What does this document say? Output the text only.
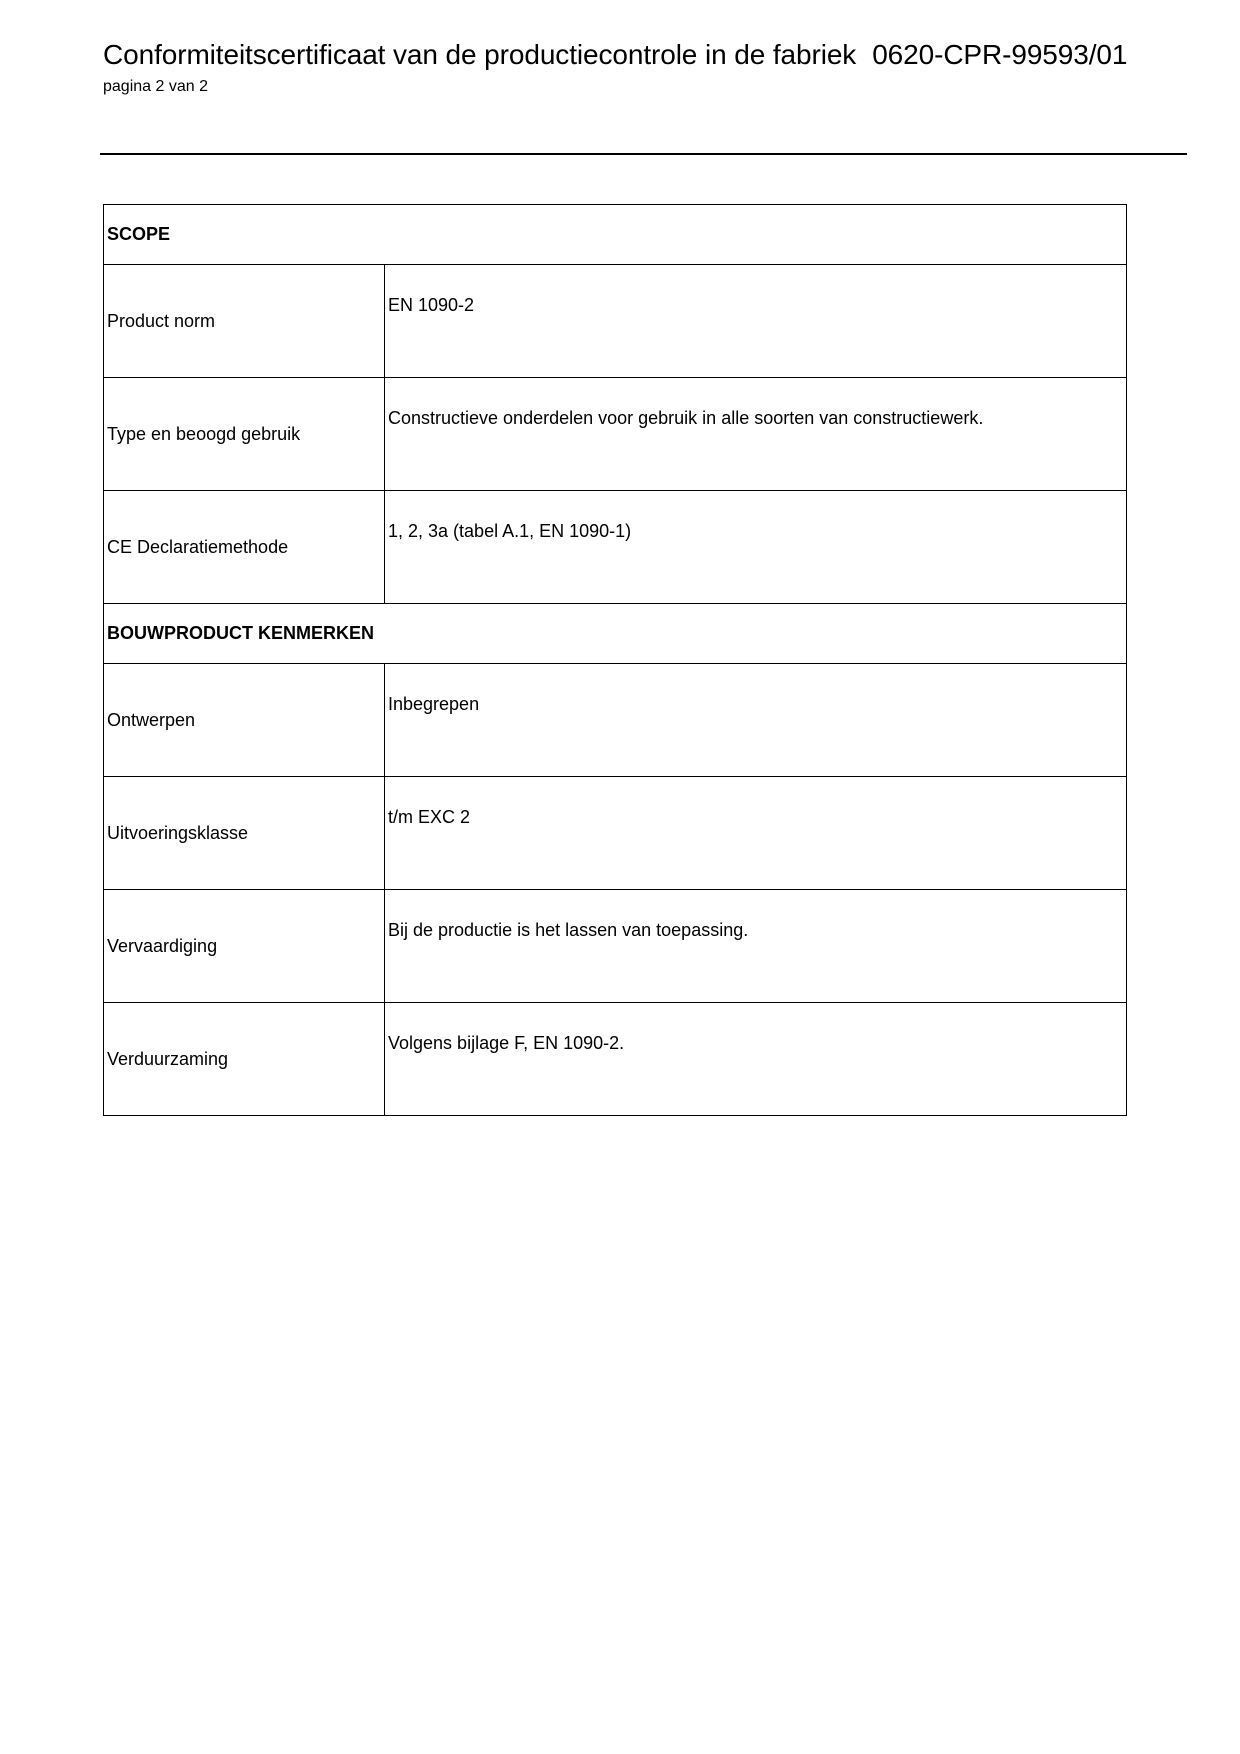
Conformiteitscertificaat van de productiecontrole in de fabriek 0620-CPR-99593/01
pagina 2 van 2
SCOPE	
Product norm	EN 1090-2
Type en beoogd gebruik	Constructieve onderdelen voor gebruik in alle soorten van constructiewerk.
CE Declaratiemethode	1, 2, 3a (tabel A.1, EN 1090-1)
BOUWPRODUCT KENMERKEN	
Ontwerpen	Inbegrepen
Uitvoeringsklasse	t/m EXC 2
Vervaardiging	Bij de productie is het lassen van toepassing.
Verduurzaming	Volgens bijlage F, EN 1090-2.
